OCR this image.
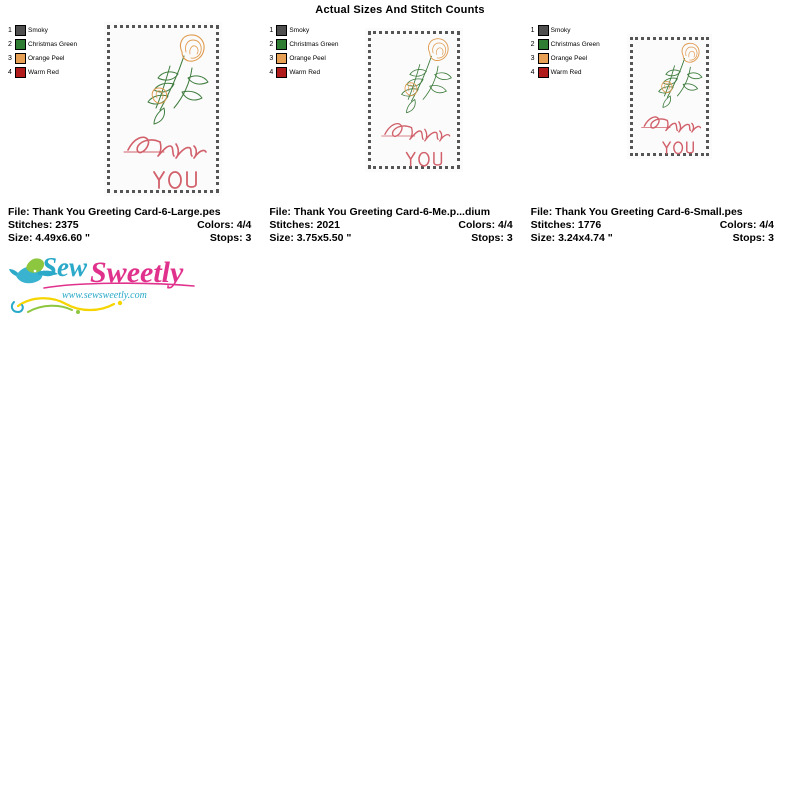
Actual Sizes And Stitch Counts
1	Smoky
2	Christmas Green
3	Orange Peel
4	Warm Red
File: Thank You Greeting Card-6-Large.pes
Stitches: 2375	Colors: 4/4
Size: 4.49x6.60 "	Stops: 3
1	Smoky
2	Christmas Green
3	Orange Peel
4	Warm Red
File: Thank You Greeting Card-6-Me.p...dium
Stitches: 2021	Colors: 4/4
Size: 3.75x5.50 "	Stops: 3
1	Smoky
2	Christmas Green
3	Orange Peel
4	Warm Red
File: Thank You Greeting Card-6-Small.pes
Stitches: 1776	Colors: 4/4
Size: 3.24x4.74 "	Stops: 3
Sew Sweetly
www.sewsweetly.com
